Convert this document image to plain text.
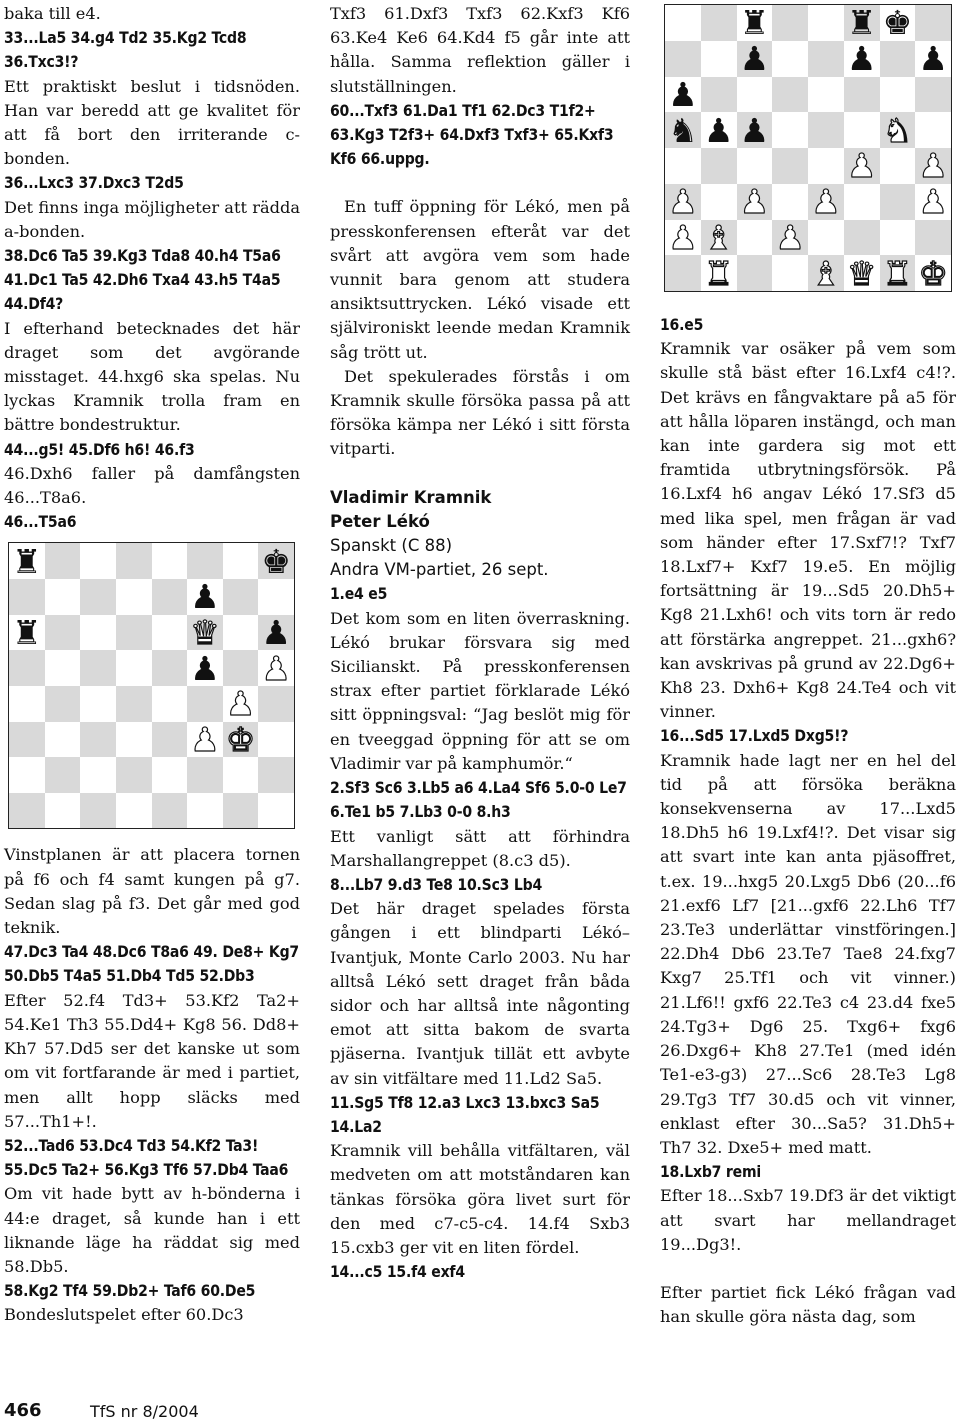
baka till e4.

33...La5 34.g4 Td2 35.Kg2 Tcd8 36.Txc3!?

Ett praktiskt beslut i tidsnöden. Han var beredd att ge kvalitet för att få bort den irriterande c-bonden.

36...Lxc3 37.Dxc3 T2d5

Det finns inga möjligheter att rädda a-bonden.

38.Dc6 Ta5 39.Kg3 Tda8 40.h4 T5a6 41.Dc1 Ta5 42.Dh6 Txa4 43.h5 T4a5 44.Df4?

I efterhand betecknades det här draget som det avgörande misstaget. 44.hxg6 ska spelas. Nu lyckas Kramnik trolla fram en bättre bondestruktur.

44...g5! 45.Df6 h6! 46.f3

46.Dxh6 faller på damfångsten 46...T8a6.

46...T5a6

♜	♚
♟
♜	♛ ♟
♟ ♟
♟
♟ ♚

Vinstplanen är att placera tornen på f6 och f4 samt kungen på g7. Sedan slag på f3. Det går med god teknik.

47.Dc3 Ta4 48.Dc6 T8a6 49. De8+ Kg7 50.Db5 T4a5 51.Db4 Td5 52.Db3

Efter 52.f4 Td3+ 53.Kf2 Ta2+ 54.Ke1 Th3 55.Dd4+ Kg8 56. Dd8+ Kh7 57.Dd5 ser det kanske ut som om vit fortfarande är med i partiet, men allt hopp släcks med 57...Th1+!.

52...Tad6 53.Dc4 Td3 54.Kf2 Ta3! 55.Dc5 Ta2+ 56.Kg3 Tf6 57.Db4 Taa6

Om vit hade bytt av h-bönderna i 44:e draget, så kunde han i ett liknande läge ha räddat sig med 58.Db5.

58.Kg2 Tf4 59.Db2+ Taf6 60.De5

Bondeslutspelet efter 60.Dc3

Txf3 61.Dxf3 Txf3 62.Kxf3 Kf6 63.Ke4 Ke6 64.Kd4 f5 går inte att hålla. Samma reflektion gäller i slutställningen.

60...Txf3 61.Da1 Tf1 62.Dc3 T1f2+ 63.Kg3 T2f3+ 64.Dxf3 Txf3+ 65.Kxf3 Kf6 66.uppg.

En tuff öppning för Lékó, men på presskonferensen efteråt var det svårt att avgöra vem som hade vunnit bara genom att studera ansiktsuttrycken. Lékó visade ett självironiskt leende medan Kramnik såg trött ut.

Det spekulerades förstås i om Kramnik skulle försöka passa på att försöka kämpa ner Lékó i sitt första vitparti.

Vladimir Kramnik

Peter Lékó

Spanskt (C 88)

Andra VM-partiet, 26 sept.

1.e4 e5

Det kom som en liten överraskning. Lékó brukar försvara sig med Sicilianskt. På presskonferensen strax efter partiet förklarade Lékó sitt öppningsval: “Jag beslöt mig för en tveeggad öppning för att se om Vladimir var på kamphumör.“

2.Sf3 Sc6 3.Lb5 a6 4.La4 Sf6 5.0-0 Le7 6.Te1 b5 7.Lb3 0-0 8.h3

Ett vanligt sätt att förhindra Marshallangreppet (8.c3 d5).

8...Lb7 9.d3 Te8 10.Sc3 Lb4

Det här draget spelades första gången i ett blindparti Lékó–Ivantjuk, Monte Carlo 2003. Nu har alltså Lékó sett draget från båda sidor och har alltså inte någonting emot att sitta bakom de svarta pjäserna. Ivantjuk tillät ett avbyte av sin vitfältare med 11.Ld2 Sa5.

11.Sg5 Tf8 12.a3 Lxc3 13.bxc3 Sa5 14.La2

Kramnik vill behålla vitfältaren, väl medveten om att motståndaren kan tänkas försöka göra livet surt för den med c7-c5-c4. 14.f4 Sxb3 15.cxb3 ger vit en liten fördel.

14...c5 15.f4 exf4

♜ ♜ ♚
♟ ♟ ♟
♟
♞ ♟ ♟	♞
♟ ♟
♟ ♟ ♟ ♟
♟ ♝ ♟
♜ ♝ ♛ ♜ ♚

16.e5

Kramnik var osäker på vem som skulle stå bäst efter 16.Lxf4 c4!?. Det krävs en fångvaktare på a5 för att hålla löparen instängd, och man kan inte gardera sig mot ett framtida utbrytningsförsök. På 16.Lxf4 h6 angav Lékó 17.Sf3 d5 med lika spel, men frågan är vad som händer efter 17.Sxf7!? Txf7 18.Lxf7+ Kxf7 19.e5. En möjlig fortsättning är 19...Sd5 20.Dh5+ Kg8 21.Lxh6! och vits torn är redo att förstärka angreppet. 21...gxh6? kan avskrivas på grund av 22.Dg6+ Kh8 23. Dxh6+ Kg8 24.Te4 och vit vinner.

16...Sd5 17.Lxd5 Dxg5!?

Kramnik hade lagt ner en hel del tid på att försöka beräkna konsekvenserna av 17...Lxd5 18.Dh5 h6 19.Lxf4!?. Det visar sig att svart inte kan anta pjäsoffret, t.ex. 19...hxg5 20.Lxg5 Db6 (20...f6 21.exf6 Lf7 [21...gxf6 22.Lh6 Tf7 23.Te3 underlättar vinstföringen.] 22.Dh4 Db6 23.Te7 Tae8 24.fxg7 Kxg7 25.Tf1 och vit vinner.) 21.Lf6!! gxf6 22.Te3 c4 23.d4 fxe5 24.Tg3+ Dg6 25. Txg6+ fxg6 26.Dxg6+ Kh8 27.Te1 (med idén Te1-e3-g3) 27...Sc6 28.Te3 Lg8 29.Tg3 Tf7 30.d5 och vit vinner, enklast efter 30...Sa5? 31.Dh5+ Th7 32. Dxe5+ med matt.

18.Lxb7 remi

Efter 18...Sxb7 19.Df3 är det viktigt att svart har mellandraget 19...Dg3!.

Efter partiet fick Lékó frågan vad han skulle göra nästa dag, som

466	TfS nr 8/2004
